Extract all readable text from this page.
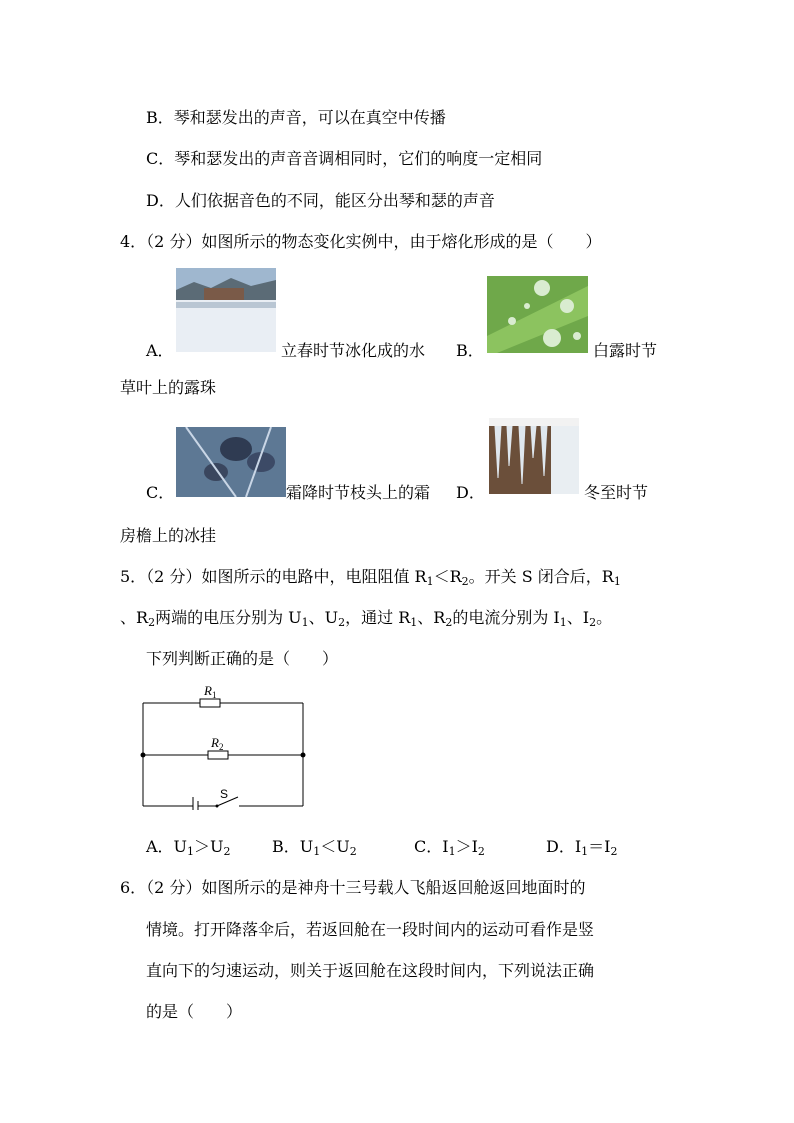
B．琴和瑟发出的声音，可以在真空中传播
C．琴和瑟发出的声音音调相同时，它们的响度一定相同
D．人们依据音色的不同，能区分出琴和瑟的声音
4．（2 分）如图所示的物态变化实例中，由于熔化形成的是（　　）
A．	立春时节冰化成的水 B．	白露时节
草叶上的露珠
C．	霜降时节枝头上的霜 D．	冬至时节
房檐上的冰挂
5．（2 分）如图所示的电路中，电阻阻值 $R_1<R_2$。开关 S 闭合后，$R_1$
、$R_2$两端的电压分别为 $U_1$、$U_2$，通过 $R_1$、$R_2$的电流分别为 $I_1$、$I_2$。
下列判断正确的是（　　）
$R_1$
$R_2$
S
A．$U_1>U_2$	B．$U_1<U_2$	C．$I_1>I_2$	D．$I_1=I_2$
6．（2 分）如图所示的是神舟十三号载人飞船返回舱返回地面时的
情境。打开降落伞后，若返回舱在一段时间内的运动可看作是竖
直向下的匀速运动，则关于返回舱在这段时间内，下列说法正确
的是（　　）
